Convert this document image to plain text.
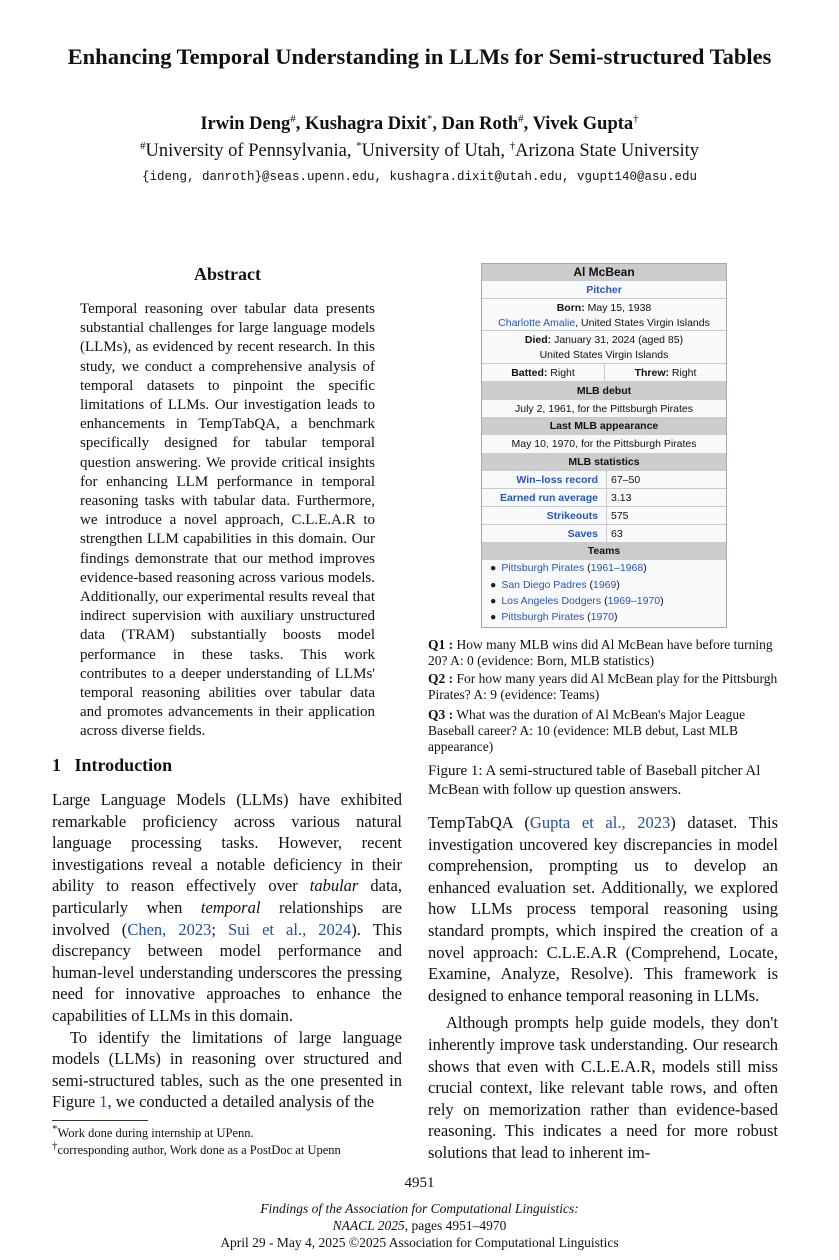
Enhancing Temporal Understanding in LLMs for Semi-structured Tables
Irwin Deng#, Kushagra Dixit*, Dan Roth#, Vivek Gupta†
#University of Pennsylvania, *University of Utah, †Arizona State University
{ideng, danroth}@seas.upenn.edu, kushagra.dixit@utah.edu, vgupt140@asu.edu
Abstract
Temporal reasoning over tabular data presents substantial challenges for large language models (LLMs), as evidenced by recent research. In this study, we conduct a comprehensive analysis of temporal datasets to pinpoint the specific limitations of LLMs. Our investigation leads to enhancements in TempTabQA, a benchmark specifically designed for tabular temporal question answering. We provide critical insights for enhancing LLM performance in temporal reasoning tasks with tabular data. Furthermore, we introduce a novel approach, C.L.E.A.R to strengthen LLM capabilities in this domain. Our findings demonstrate that our method improves evidence-based reasoning across various models. Additionally, our experimental results reveal that indirect supervision with auxiliary unstructured data (TRAM) substantially boosts model performance in these tasks. This work contributes to a deeper understanding of LLMs' temporal reasoning abilities over tabular data and promotes advancements in their application across diverse fields.
1   Introduction

Large Language Models (LLMs) have exhibited remarkable proficiency across various natural language processing tasks. However, recent investigations reveal a notable deficiency in their ability to reason effectively over tabular data, particularly when temporal relationships are involved (Chen, 2023; Sui et al., 2024). This discrepancy between model performance and human-level understanding underscores the pressing need for innovative approaches to enhance the capabilities of LLMs in this domain.

To identify the limitations of large language models (LLMs) in reasoning over structured and semi-structured tables, such as the one presented in Figure 1, we conducted a detailed analysis of the

*Work done during internship at UPenn.
†corresponding author, Work done as a PostDoc at Upenn
Al McBean
Pitcher
Born: May 15, 1938
Charlotte Amalie, United States Virgin Islands
Died: January 31, 2024 (aged 85)
United States Virgin Islands
Batted: Right	Threw: Right
MLB debut
July 2, 1961, for the Pittsburgh Pirates
Last MLB appearance
May 10, 1970, for the Pittsburgh Pirates
MLB statistics
Win–loss record	67–50
Earned run average	3.13
Strikeouts	575
Saves	63
Teams
● Pittsburgh Pirates (1961–1968)
● San Diego Padres (1969)
● Los Angeles Dodgers (1969–1970)
● Pittsburgh Pirates (1970)
Q1 : How many MLB wins did Al McBean have before turning 20? A: 0 (evidence: Born, MLB statistics)
Q2 : For how many years did Al McBean play for the Pittsburgh Pirates? A: 9 (evidence: Teams)
Q3 : What was the duration of Al McBean's Major League Baseball career? A: 10 (evidence: MLB debut, Last MLB appearance)
Figure 1: A semi-structured table of Baseball pitcher Al McBean with follow up question answers.

TempTabQA (Gupta et al., 2023) dataset. This investigation uncovered key discrepancies in model comprehension, prompting us to develop an enhanced evaluation set. Additionally, we explored how LLMs process temporal reasoning using standard prompts, which inspired the creation of a novel approach: C.L.E.A.R (Comprehend, Locate, Examine, Analyze, Resolve). This framework is designed to enhance temporal reasoning in LLMs.

Although prompts help guide models, they don't inherently improve task understanding. Our research shows that even with C.L.E.A.R, models still miss crucial context, like relevant table rows, and often rely on memorization rather than evidence-based reasoning. This indicates a need for more robust solutions that lead to inherent im-

4951
Findings of the Association for Computational Linguistics:
NAACL 2025, pages 4951–4970
April 29 - May 4, 2025 ©2025 Association for Computational Linguistics
